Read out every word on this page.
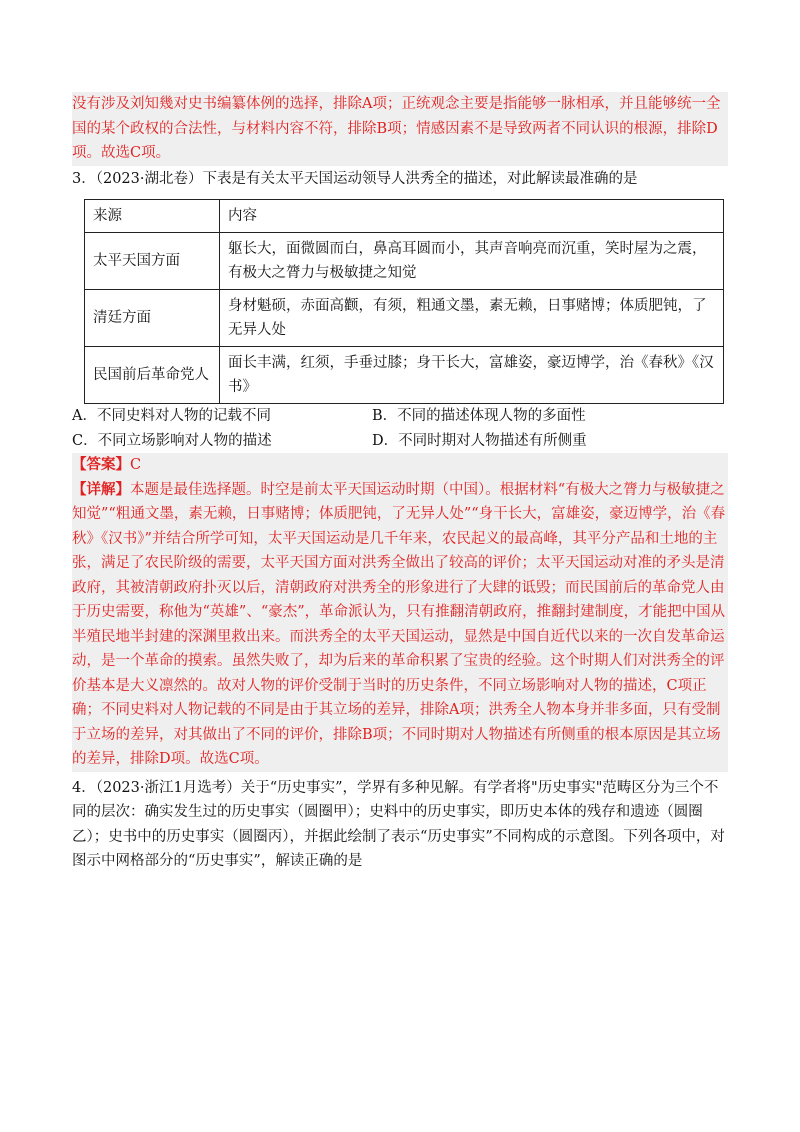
没有涉及刘知幾对史书编纂体例的选择，排除A项；正统观念主要是指能够一脉相承，并且能够统一全国的某个政权的合法性，与材料内容不符，排除B项；情感因素不是导致两者不同认识的根源，排除D项。故选C项。
3．（2023·湖北卷）下表是有关太平天国运动领导人洪秀全的描述，对此解读最准确的是
来源	内容
太平天国方面	躯长大，面微圆而白，鼻高耳圆而小，其声音响亮而沉重，笑时屋为之震，有极大之膂力与极敏捷之知觉
清廷方面	身材魁硕，赤面高颧，有须，粗通文墨，素无赖，日事赌博；体质肥钝，了无异人处
民国前后革命党人	面长丰满，红须，手垂过膝；身干长大，富雄姿，豪迈博学，治《春秋》《汉书》
A．不同史料对人物的记载不同	B．不同的描述体现人物的多面性
C．不同立场影响对人物的描述	D．不同时期对人物描述有所侧重
【答案】C
【详解】本题是最佳选择题。时空是前太平天国运动时期（中国）。根据材料“有极大之膂力与极敏捷之知觉”“粗通文墨，素无赖，日事赌博；体质肥钝，了无异人处”“身干长大，富雄姿，豪迈博学，治《春秋》《汉书》”并结合所学可知，太平天国运动是几千年来，农民起义的最高峰，其平分产品和土地的主张，满足了农民阶级的需要，太平天国方面对洪秀全做出了较高的评价；太平天国运动对准的矛头是清政府，其被清朝政府扑灭以后，清朝政府对洪秀全的形象进行了大肆的诋毁；而民国前后的革命党人由于历史需要，称他为“英雄”、“豪杰”，革命派认为，只有推翻清朝政府，推翻封建制度，才能把中国从半殖民地半封建的深渊里救出来。而洪秀全的太平天国运动，显然是中国自近代以来的一次自发革命运动，是一个革命的摸索。虽然失败了，却为后来的革命积累了宝贵的经验。这个时期人们对洪秀全的评价基本是大义凛然的。故对人物的评价受制于当时的历史条件，不同立场影响对人物的描述，C项正确；不同史料对人物记载的不同是由于其立场的差异，排除A项；洪秀全人物本身并非多面，只有受制于立场的差异，对其做出了不同的评价，排除B项；不同时期对人物描述有所侧重的根本原因是其立场的差异，排除D项。故选C项。
4．（2023·浙江1月选考）关于“历史事实”，学界有多种见解。有学者将"历史事实"范畴区分为三个不同的层次：确实发生过的历史事实（圆圈甲）；史料中的历史事实，即历史本体的残存和遗迹（圆圈乙）；史书中的历史事实（圆圈丙），并据此绘制了表示“历史事实”不同构成的示意图。下列各项中，对图示中网格部分的“历史事实”，解读正确的是
